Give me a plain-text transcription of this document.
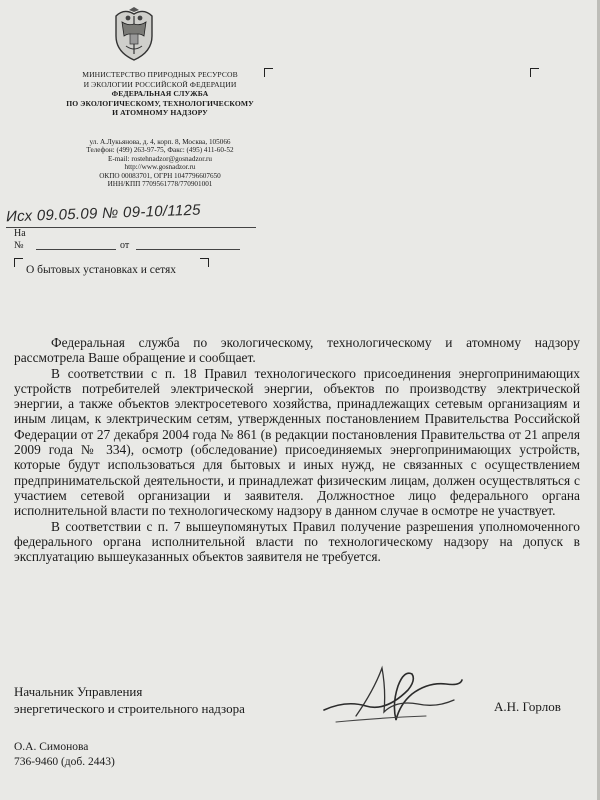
МИНИСТЕРСТВО ПРИРОДНЫХ РЕСУРСОВ
И ЭКОЛОГИИ РОССИЙСКОЙ ФЕДЕРАЦИИ
ФЕДЕРАЛЬНАЯ СЛУЖБА
ПО ЭКОЛОГИЧЕСКОМУ, ТЕХНОЛОГИЧЕСКОМУ
И АТОМНОМУ НАДЗОРУ
ул. А.Лукьянова, д. 4, корп. 8, Москва, 105066
Телефон: (499) 263-97-75, Факс: (495) 411-60-52
E-mail: rostehnadzor@gosnadzor.ru
http://www.gosnadzor.ru
ОКПО 00083701, ОГРН 1047796607650
ИНН/КПП 7709561778/770901001
Исх 09.05.09 № 09-10/1125
На
№	от
О бытовых установках и сетях

Федеральная служба по экологическому, технологическому и атомному надзору рассмотрела Ваше обращение и сообщает.

В соответствии с п. 18 Правил технологического присоединения энергопринимающих устройств потребителей электрической энергии, объектов по производству электрической энергии, а также объектов электросетевого хозяйства, принадлежащих сетевым организациям и иным лицам, к электрическим сетям, утвержденных постановлением Правительства Российской Федерации от 27 декабря 2004 года № 861 (в редакции постановления Правительства от 21 апреля 2009 года № 334), осмотр (обследование) присоединяемых энергопринимающих устройств, которые будут использоваться для бытовых и иных нужд, не связанных с осуществлением предпринимательской деятельности, и принадлежат физическим лицам, должен осуществляться с участием сетевой организации и заявителя. Должностное лицо федерального органа исполнительной власти по технологическому надзору в данном случае в осмотре не участвует.

В соответствии с п. 7 вышеупомянутых Правил получение разрешения уполномоченного федерального органа исполнительной власти по технологическому надзору на допуск в эксплуатацию вышеуказанных объектов заявителя не требуется.

Начальник Управления
энергетического и строительного надзора	А.Н. Горлов
О.А. Симонова
736-9460 (доб. 2443)
